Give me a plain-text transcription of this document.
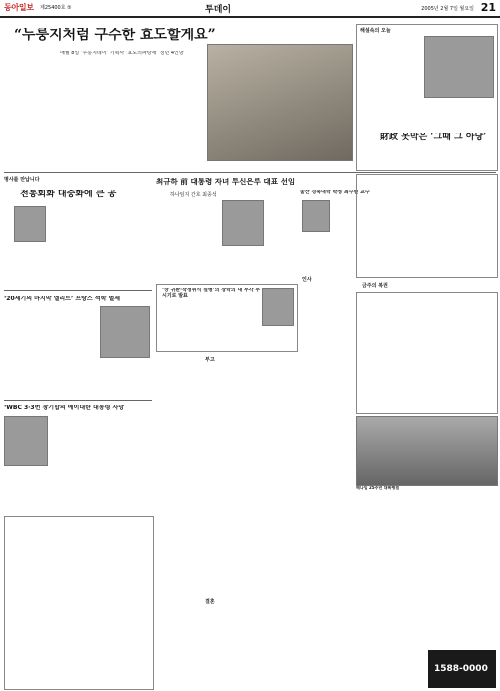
동아일보 제25400호 ⑤	투데이	2005년 2월 7일 월요일 21
“누룽지처럼 구수한 효도할게요”
매월 8일 ‘누룽지데이’ 기획사 ‘효도의파랑새’ 청년 4인방
해설속의 오늘
財政 못막은 ‘그때 그 아당’
명사를 만납니다
전통회화 대중화에 큰 공
‘20세기의 마지막 엘리트’ 프랑스 석학 별세
‘WBC 3·3번 창기합의 에이대한 대통령 사망
최규하 前 대통령 자녀 투신은루 대표 선임
하나임지 간호 최종석	울산 경북대학 박정 최수현 교수
‘상 귀환·작정위식 질병’의 장학의 내 부각 부시기로 발표
인사
부고
결혼
금주의 복권
해나임 25주년 대륙행점
1588-0000
